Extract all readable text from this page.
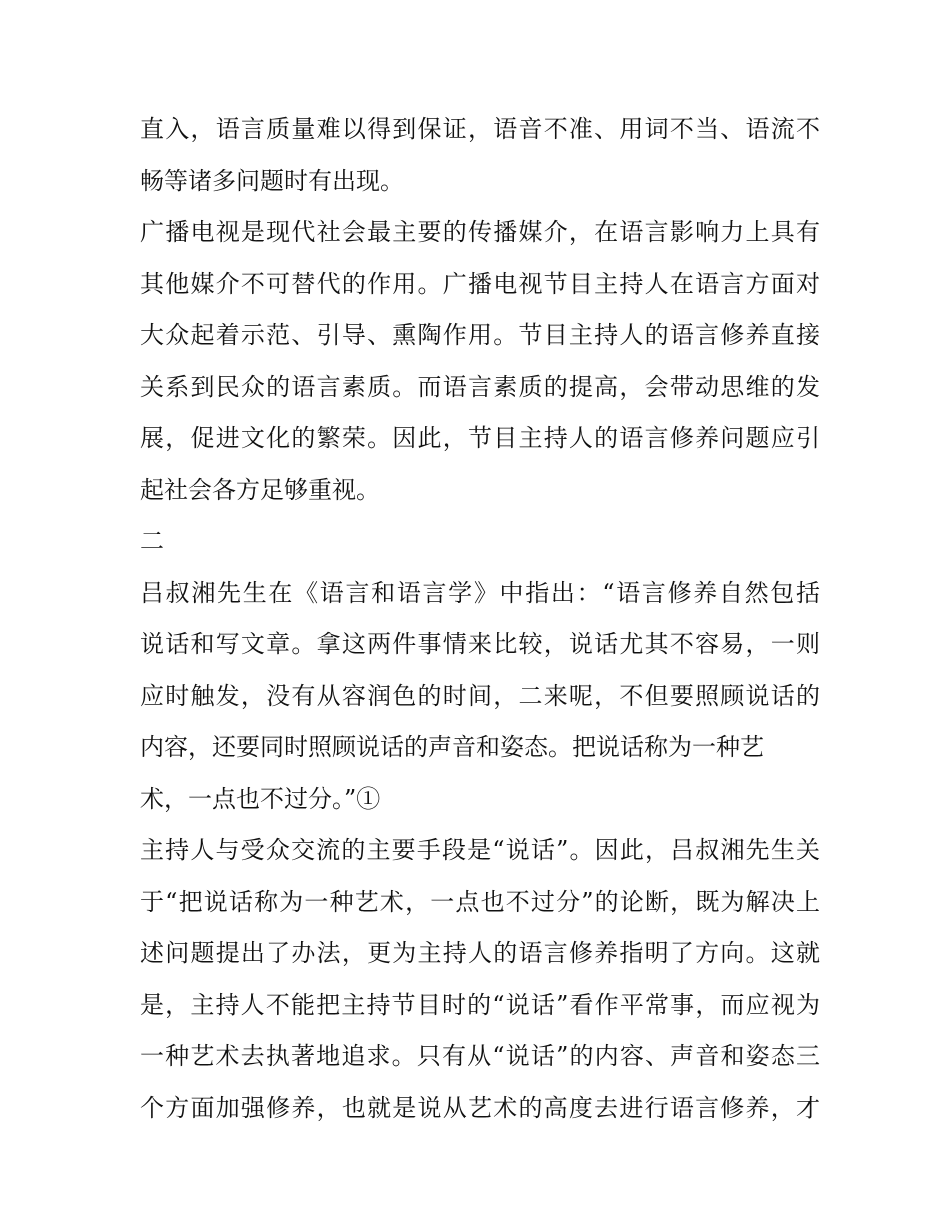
直入，语言质量难以得到保证，语音不准、用词不当、语流不
畅等诸多问题时有出现。
广播电视是现代社会最主要的传播媒介，在语言影响力上具有
其他媒介不可替代的作用。广播电视节目主持人在语言方面对
大众起着示范、引导、熏陶作用。节目主持人的语言修养直接
关系到民众的语言素质。而语言素质的提高，会带动思维的发
展，促进文化的繁荣。因此，节目主持人的语言修养问题应引
起社会各方足够重视。
二
吕叔湘先生在《语言和语言学》中指出：“语言修养自然包括
说话和写文章。拿这两件事情来比较，说话尤其不容易，一则
应时触发，没有从容润色的时间，二来呢，不但要照顾说话的
内容，还要同时照顾说话的声音和姿态。把说话称为一种艺
术，一点也不过分。”①
主持人与受众交流的主要手段是“说话”。因此，吕叔湘先生关
于“把说话称为一种艺术，一点也不过分”的论断，既为解决上
述问题提出了办法，更为主持人的语言修养指明了方向。这就
是，主持人不能把主持节目时的“说话”看作平常事，而应视为
一种艺术去执著地追求。只有从“说话”的内容、声音和姿态三
个方面加强修养，也就是说从艺术的高度去进行语言修养，才
